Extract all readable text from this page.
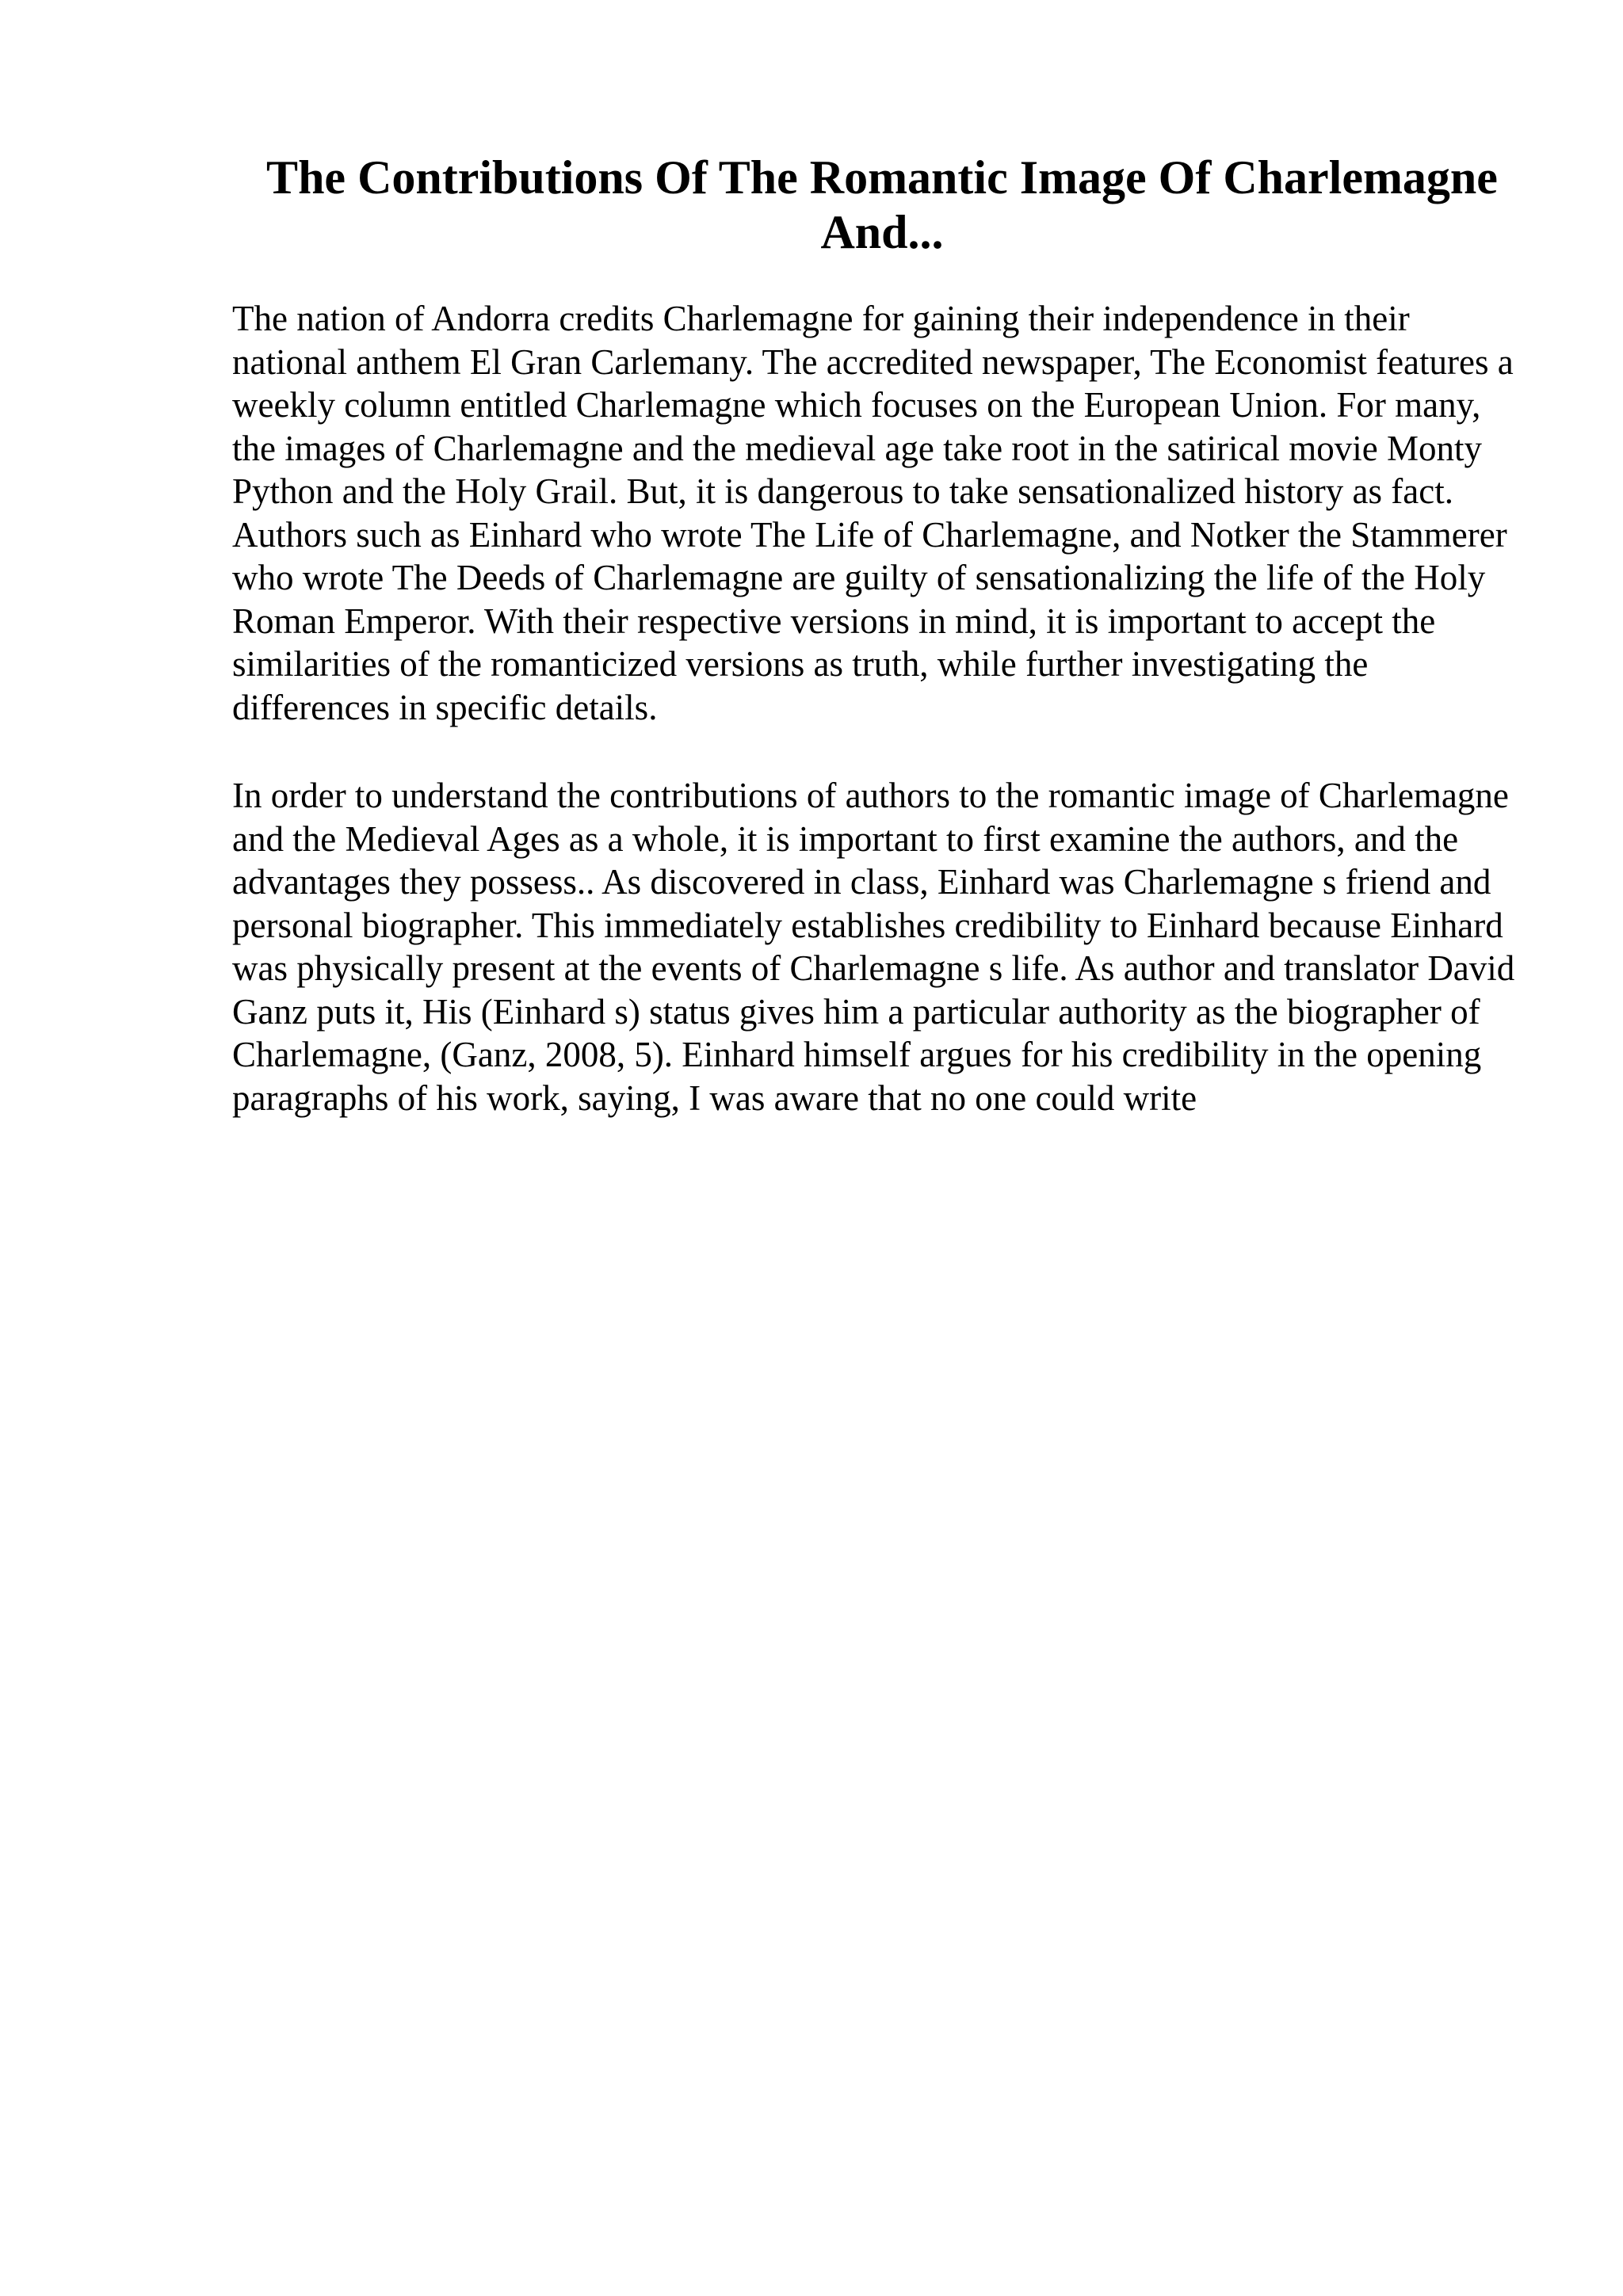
The Contributions Of The Romantic Image Of Charlemagne And...

The nation of Andorra credits Charlemagne for gaining their independence in their national anthem El Gran Carlemany. The accredited newspaper, The Economist features a weekly column entitled Charlemagne which focuses on the European Union. For many, the images of Charlemagne and the medieval age take root in the satirical movie Monty Python and the Holy Grail. But, it is dangerous to take sensationalized history as fact. Authors such as Einhard who wrote The Life of Charlemagne, and Notker the Stammerer who wrote The Deeds of Charlemagne are guilty of sensationalizing the life of the Holy Roman Emperor. With their respective versions in mind, it is important to accept the similarities of the romanticized versions as truth, while further investigating the differences in specific details.

In order to understand the contributions of authors to the romantic image of Charlemagne and the Medieval Ages as a whole, it is important to first examine the authors, and the advantages they possess.. As discovered in class, Einhard was Charlemagne s friend and personal biographer. This immediately establishes credibility to Einhard because Einhard was physically present at the events of Charlemagne s life. As author and translator David Ganz puts it, His (Einhard s) status gives him a particular authority as the biographer of Charlemagne, (Ganz, 2008, 5). Einhard himself argues for his credibility in the opening paragraphs of his work, saying, I was aware that no one could write
